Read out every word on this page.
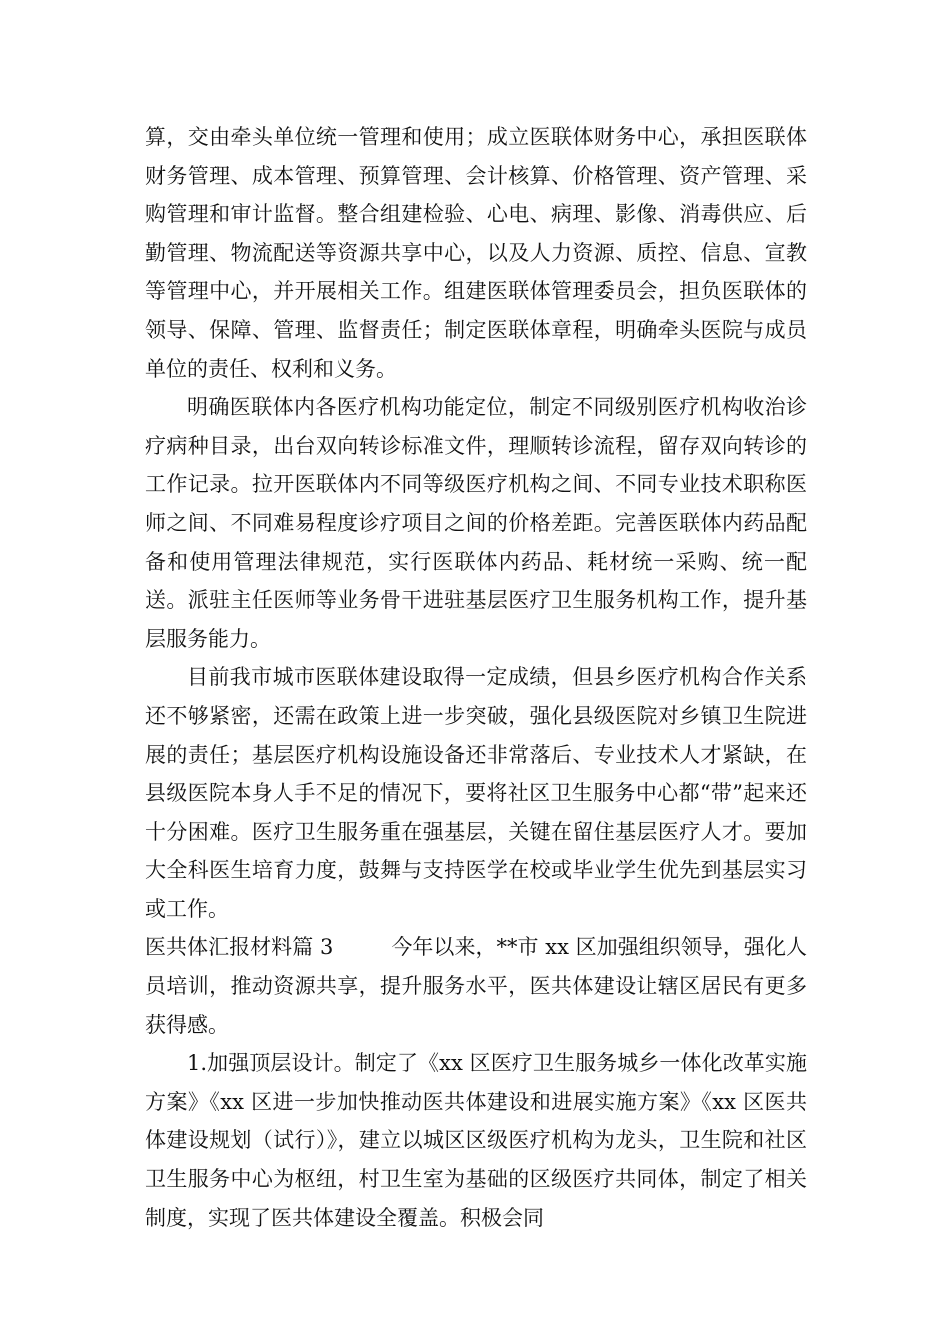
算，交由牵头单位统一管理和使用；成立医联体财务中心，承担医联体财务管理、成本管理、预算管理、会计核算、价格管理、资产管理、采购管理和审计监督。整合组建检验、心电、病理、影像、消毒供应、后勤管理、物流配送等资源共享中心，以及人力资源、质控、信息、宣教等管理中心，并开展相关工作。组建医联体管理委员会，担负医联体的领导、保障、管理、监督责任；制定医联体章程，明确牵头医院与成员单位的责任、权利和义务。

明确医联体内各医疗机构功能定位，制定不同级别医疗机构收治诊疗病种目录，出台双向转诊标准文件，理顺转诊流程，留存双向转诊的工作记录。拉开医联体内不同等级医疗机构之间、不同专业技术职称医师之间、不同难易程度诊疗项目之间的价格差距。完善医联体内药品配备和使用管理法律规范，实行医联体内药品、耗材统一采购、统一配送。派驻主任医师等业务骨干进驻基层医疗卫生服务机构工作，提升基层服务能力。

目前我市城市医联体建设取得一定成绩，但县乡医疗机构合作关系还不够紧密，还需在政策上进一步突破，强化县级医院对乡镇卫生院进展的责任；基层医疗机构设施设备还非常落后、专业技术人才紧缺，在县级医院本身人手不足的情况下，要将社区卫生服务中心都“带”起来还十分困难。医疗卫生服务重在强基层，关键在留住基层医疗人才。要加大全科医生培育力度，鼓舞与支持医学在校或毕业学生优先到基层实习或工作。

医共体汇报材料篇 3	今年以来，**市 xx 区加强组织领导，强化人员培训，推动资源共享，提升服务水平，医共体建设让辖区居民有更多获得感。

1.加强顶层设计。制定了《xx 区医疗卫生服务城乡一体化改革实施方案》《xx 区进一步加快推动医共体建设和进展实施方案》《xx 区医共体建设规划（试行）》，建立以城区区级医疗机构为龙头，卫生院和社区卫生服务中心为枢纽，村卫生室为基础的区级医疗共同体，制定了相关制度，实现了医共体建设全覆盖。积极会同
